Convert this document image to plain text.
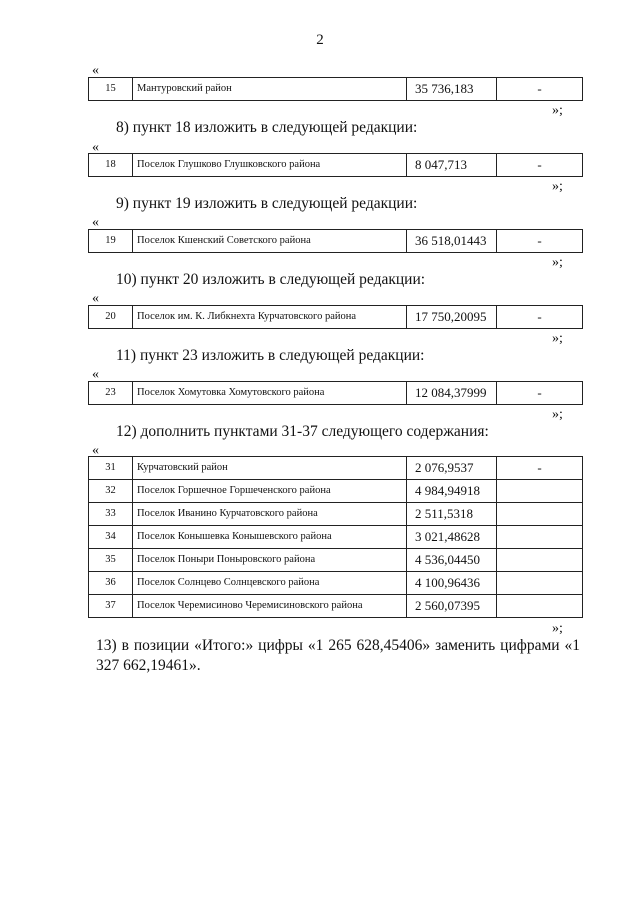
2
«
15	Мантуровский район	35 736,183	-
»;
8) пункт 18 изложить в следующей редакции:
«
18	Поселок Глушково Глушковского района	8 047,713	-
»;
9) пункт 19 изложить в следующей редакции:
«
19	Поселок Кшенский Советского района	36 518,01443	-
»;
10) пункт 20 изложить в следующей редакции:
«
20	Поселок им. К. Либкнехта Курчатовского района	17 750,20095	-
»;
11) пункт 23 изложить в следующей редакции:
«
23	Поселок Хомутовка Хомутовского района	12 084,37999	-
»;
12) дополнить пунктами 31-37 следующего содержания:
«
31	Курчатовский район	2 076,9537	-
32	Поселок Горшечное Горшеченского района	4 984,94918	
33	Поселок Иванино Курчатовского района	2 511,5318	
34	Поселок Конышевка Конышевского района	3 021,48628	
35	Поселок Поныри Поныровского района	4 536,04450	
36	Поселок Солнцево Солнцевского района	4 100,96436	
37	Поселок Черемисиново Черемисиновского района	2 560,07395	
»;
13) в позиции «Итого:» цифры «1 265 628,45406» заменить цифрами «1 327 662,19461».
